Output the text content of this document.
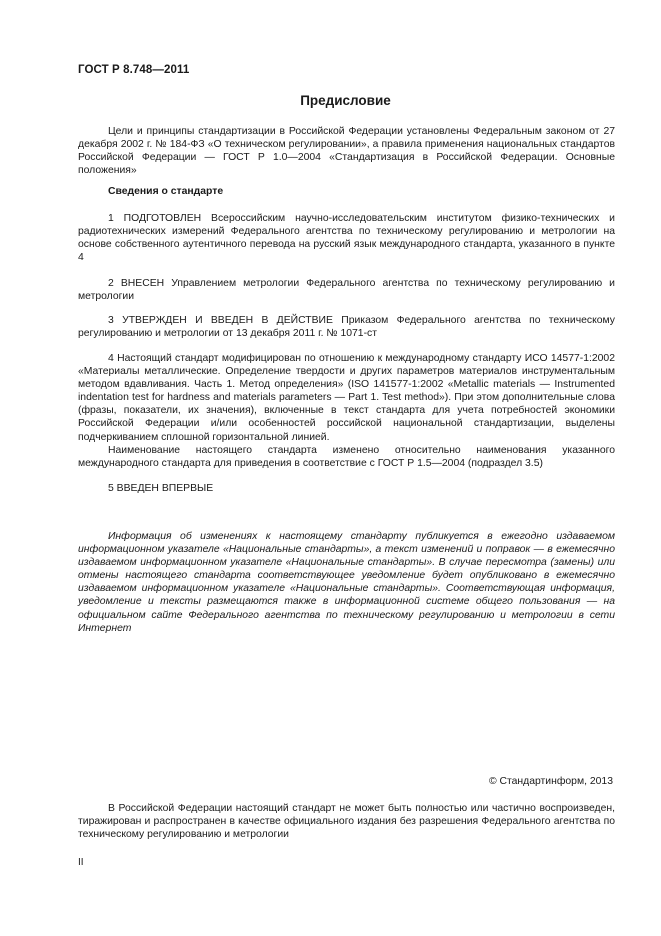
ГОСТ Р 8.748—2011
Предисловие

Цели и принципы стандартизации в Российской Федерации установлены Федеральным законом от 27 декабря 2002 г. № 184-ФЗ «О техническом регулировании», а правила применения национальных стандартов Российской Федерации — ГОСТ Р 1.0—2004 «Стандартизация в Российской Федерации. Основные положения»

Сведения о стандарте

1 ПОДГОТОВЛЕН Всероссийским научно-исследовательским институтом физико-технических и радиотехнических измерений Федерального агентства по техническому регулированию и метрологии на основе собственного аутентичного перевода на русский язык международного стандарта, указанного в пункте 4

2 ВНЕСЕН Управлением метрологии Федерального агентства по техническому регулированию и метрологии

3 УТВЕРЖДЕН И ВВЕДЕН В ДЕЙСТВИЕ Приказом Федерального агентства по техническому регулированию и метрологии от 13 декабря 2011 г. № 1071-ст

4 Настоящий стандарт модифицирован по отношению к международному стандарту ИСО 14577-1:2002 «Материалы металлические. Определение твердости и других параметров материалов инструментальным методом вдавливания. Часть 1. Метод определения» (ISO 141577-1:2002 «Metallic materials — Instrumented indentation test for hardness and materials parameters — Part 1. Test method»). При этом дополнительные слова (фразы, показатели, их значения), включенные в текст стандарта для учета потребностей экономики Российской Федерации и/или особенностей российской национальной стандартизации, выделены подчеркиванием сплошной горизонтальной линией.

Наименование настоящего стандарта изменено относительно наименования указанного международного стандарта для приведения в соответствие с ГОСТ Р 1.5—2004 (подраздел 3.5)

5 ВВЕДЕН ВПЕРВЫЕ

Информация об изменениях к настоящему стандарту публикуется в ежегодно издаваемом информационном указателе «Национальные стандарты», а текст изменений и поправок — в ежемесячно издаваемом информационном указателе «Национальные стандарты». В случае пересмотра (замены) или отмены настоящего стандарта соответствующее уведомление будет опубликовано в ежемесячно издаваемом информационном указателе «Национальные стандарты». Соответствующая информация, уведомление и тексты размещаются также в информационной системе общего пользования — на официальном сайте Федерального агентства по техническому регулированию и метрологии в сети Интернет

© Стандартинформ, 2013

В Российской Федерации настоящий стандарт не может быть полностью или частично воспроизведен, тиражирован и распространен в качестве официального издания без разрешения Федерального агентства по техническому регулированию и метрологии

II
